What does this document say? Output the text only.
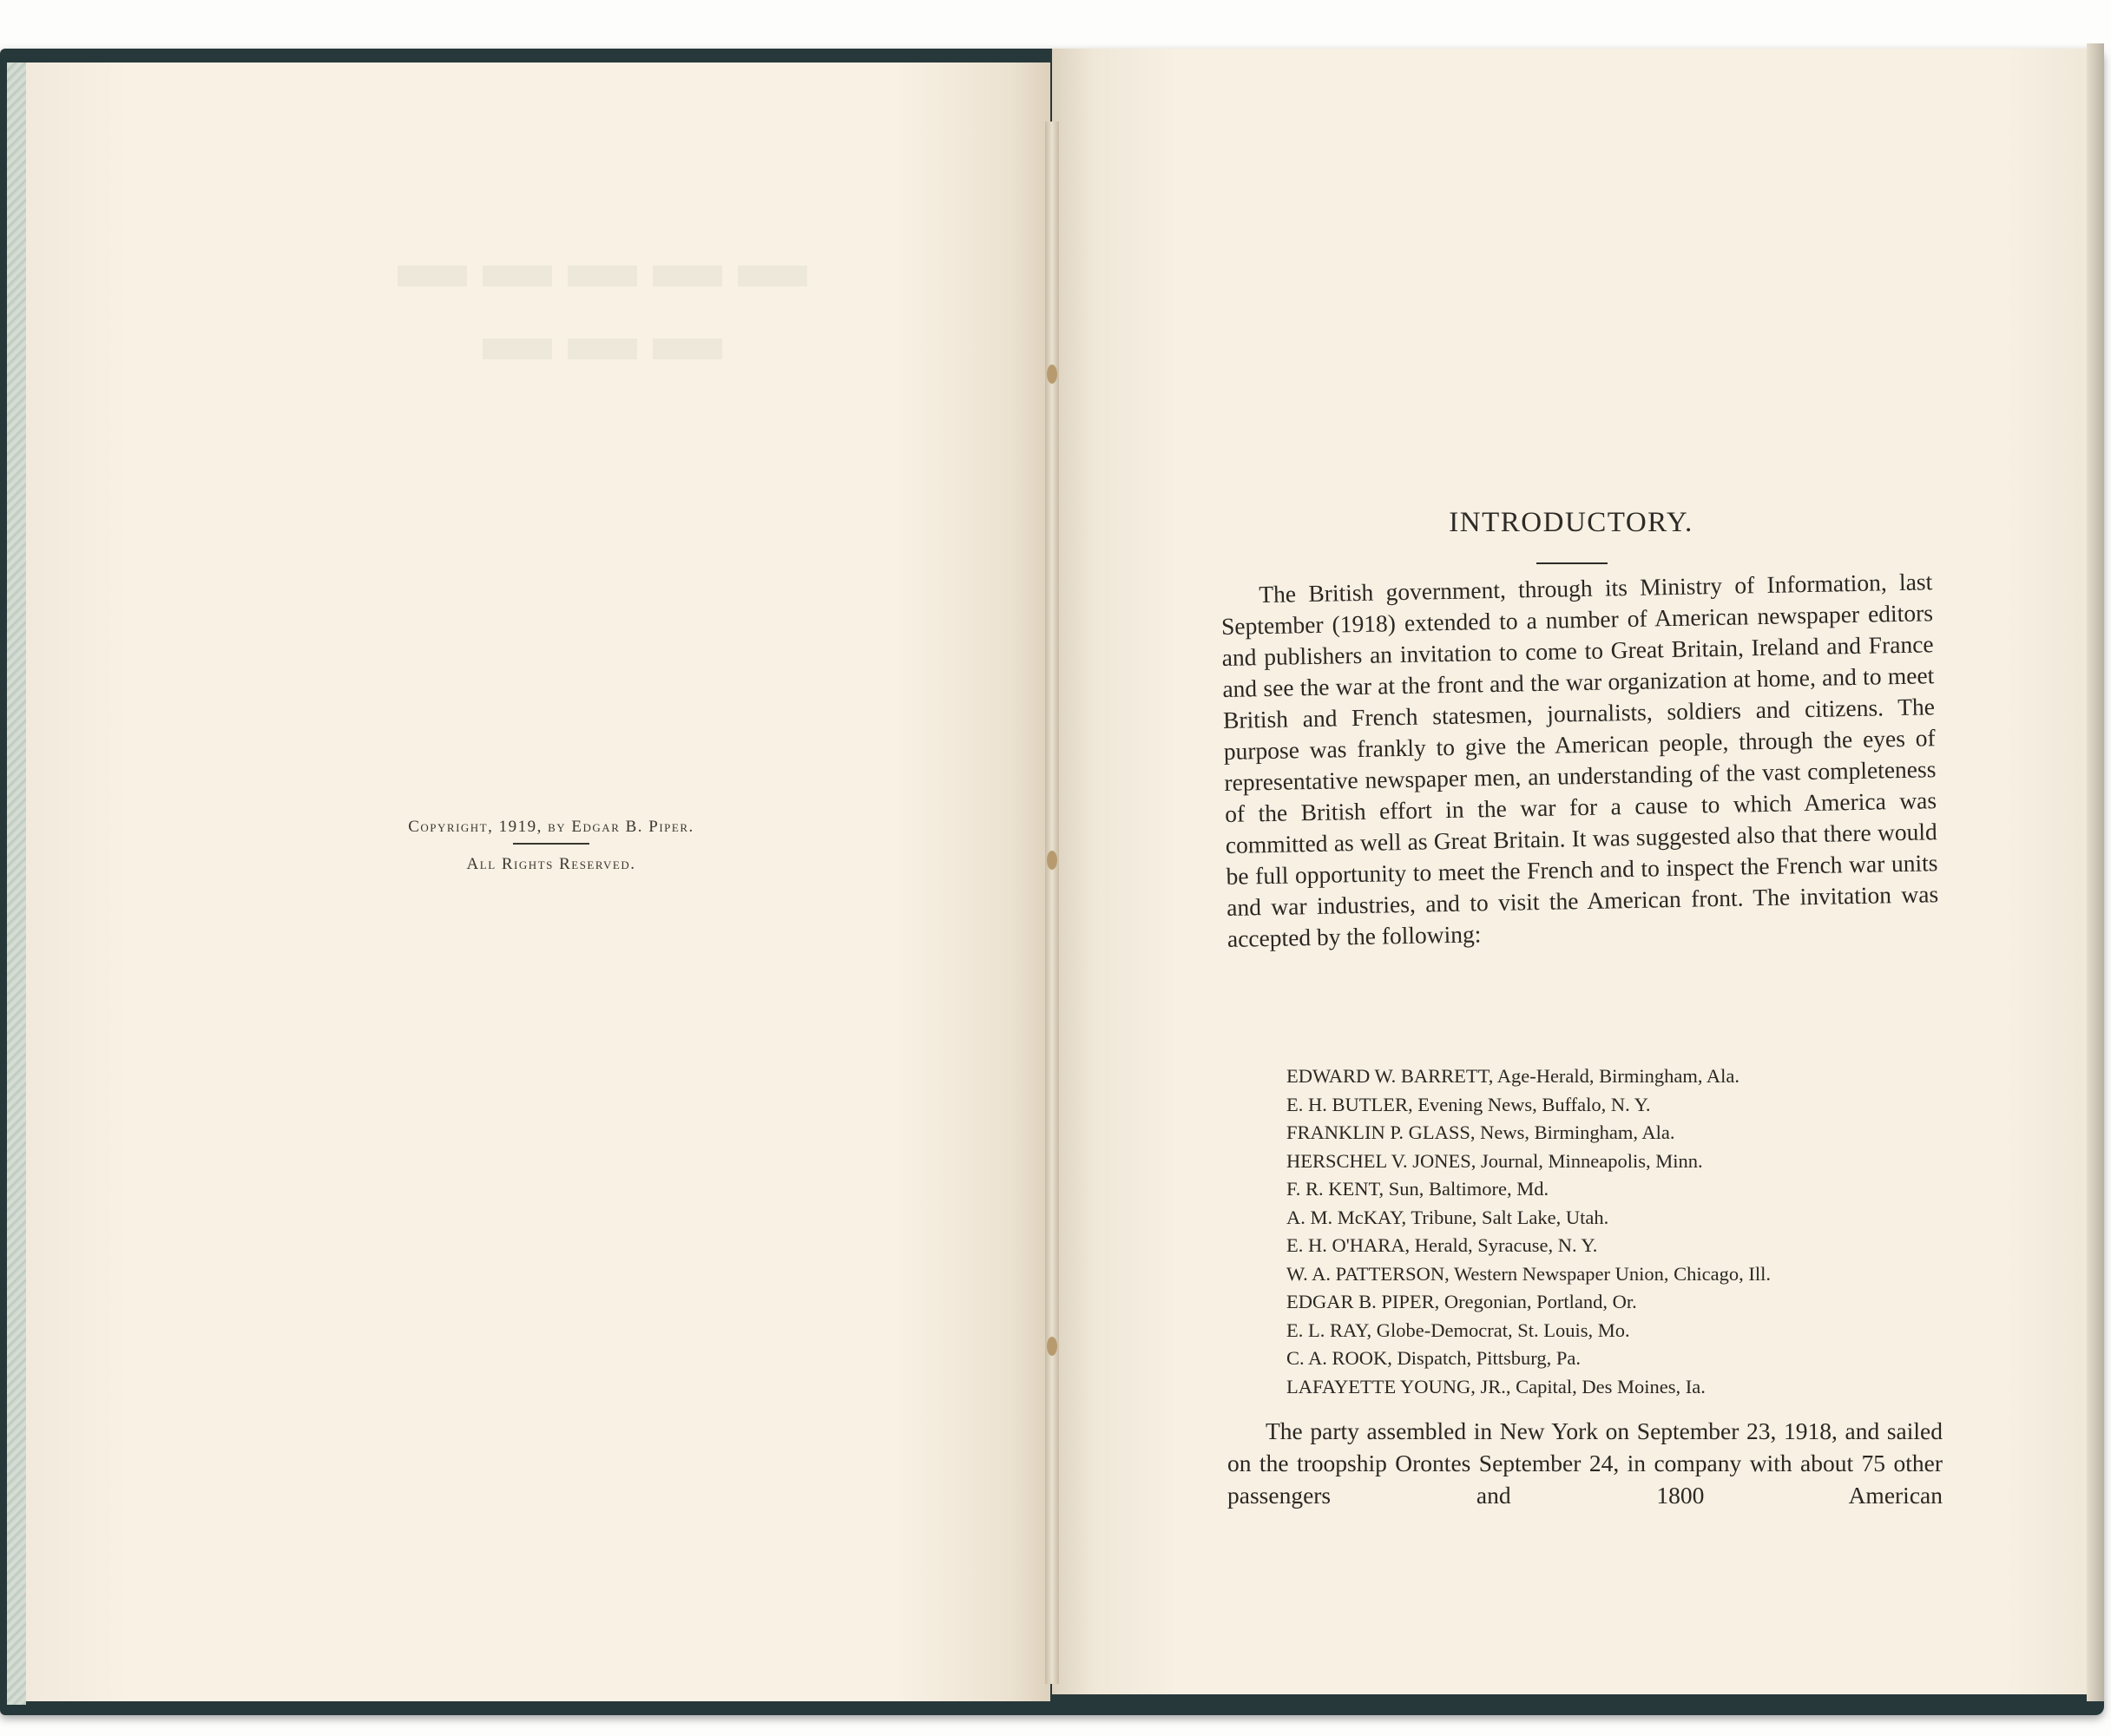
▬▬▬▬▬
▬▬▬
Copyright, 1919, by Edgar B. Piper.
All Rights Reserved.
INTRODUCTORY.

The British government, through its Ministry of Information, last September (1918) extended to a number of American newspaper editors and publishers an invitation to come to Great Britain, Ireland and France and see the war at the front and the war organization at home, and to meet British and French statesmen, journalists, soldiers and citizens. The purpose was frankly to give the American people, through the eyes of representative newspaper men, an understanding of the vast completeness of the British effort in the war for a cause to which America was committed as well as Great Britain. It was suggested also that there would be full opportunity to meet the French and to inspect the French war units and war industries, and to visit the American front. The invitation was accepted by the following:

EDWARD W. BARRETT, Age-Herald, Birmingham, Ala.
E. H. BUTLER, Evening News, Buffalo, N. Y.
FRANKLIN P. GLASS, News, Birmingham, Ala.
HERSCHEL V. JONES, Journal, Minneapolis, Minn.
F. R. KENT, Sun, Baltimore, Md.
A. M. McKAY, Tribune, Salt Lake, Utah.
E. H. O'HARA, Herald, Syracuse, N. Y.
W. A. PATTERSON, Western Newspaper Union, Chicago, Ill.
EDGAR B. PIPER, Oregonian, Portland, Or.
E. L. RAY, Globe-Democrat, St. Louis, Mo.
C. A. ROOK, Dispatch, Pittsburg, Pa.
LAFAYETTE YOUNG, JR., Capital, Des Moines, Ia.

The party assembled in New York on September 23, 1918, and sailed on the troopship Orontes September 24, in company with about 75 other passengers and 1800 American
